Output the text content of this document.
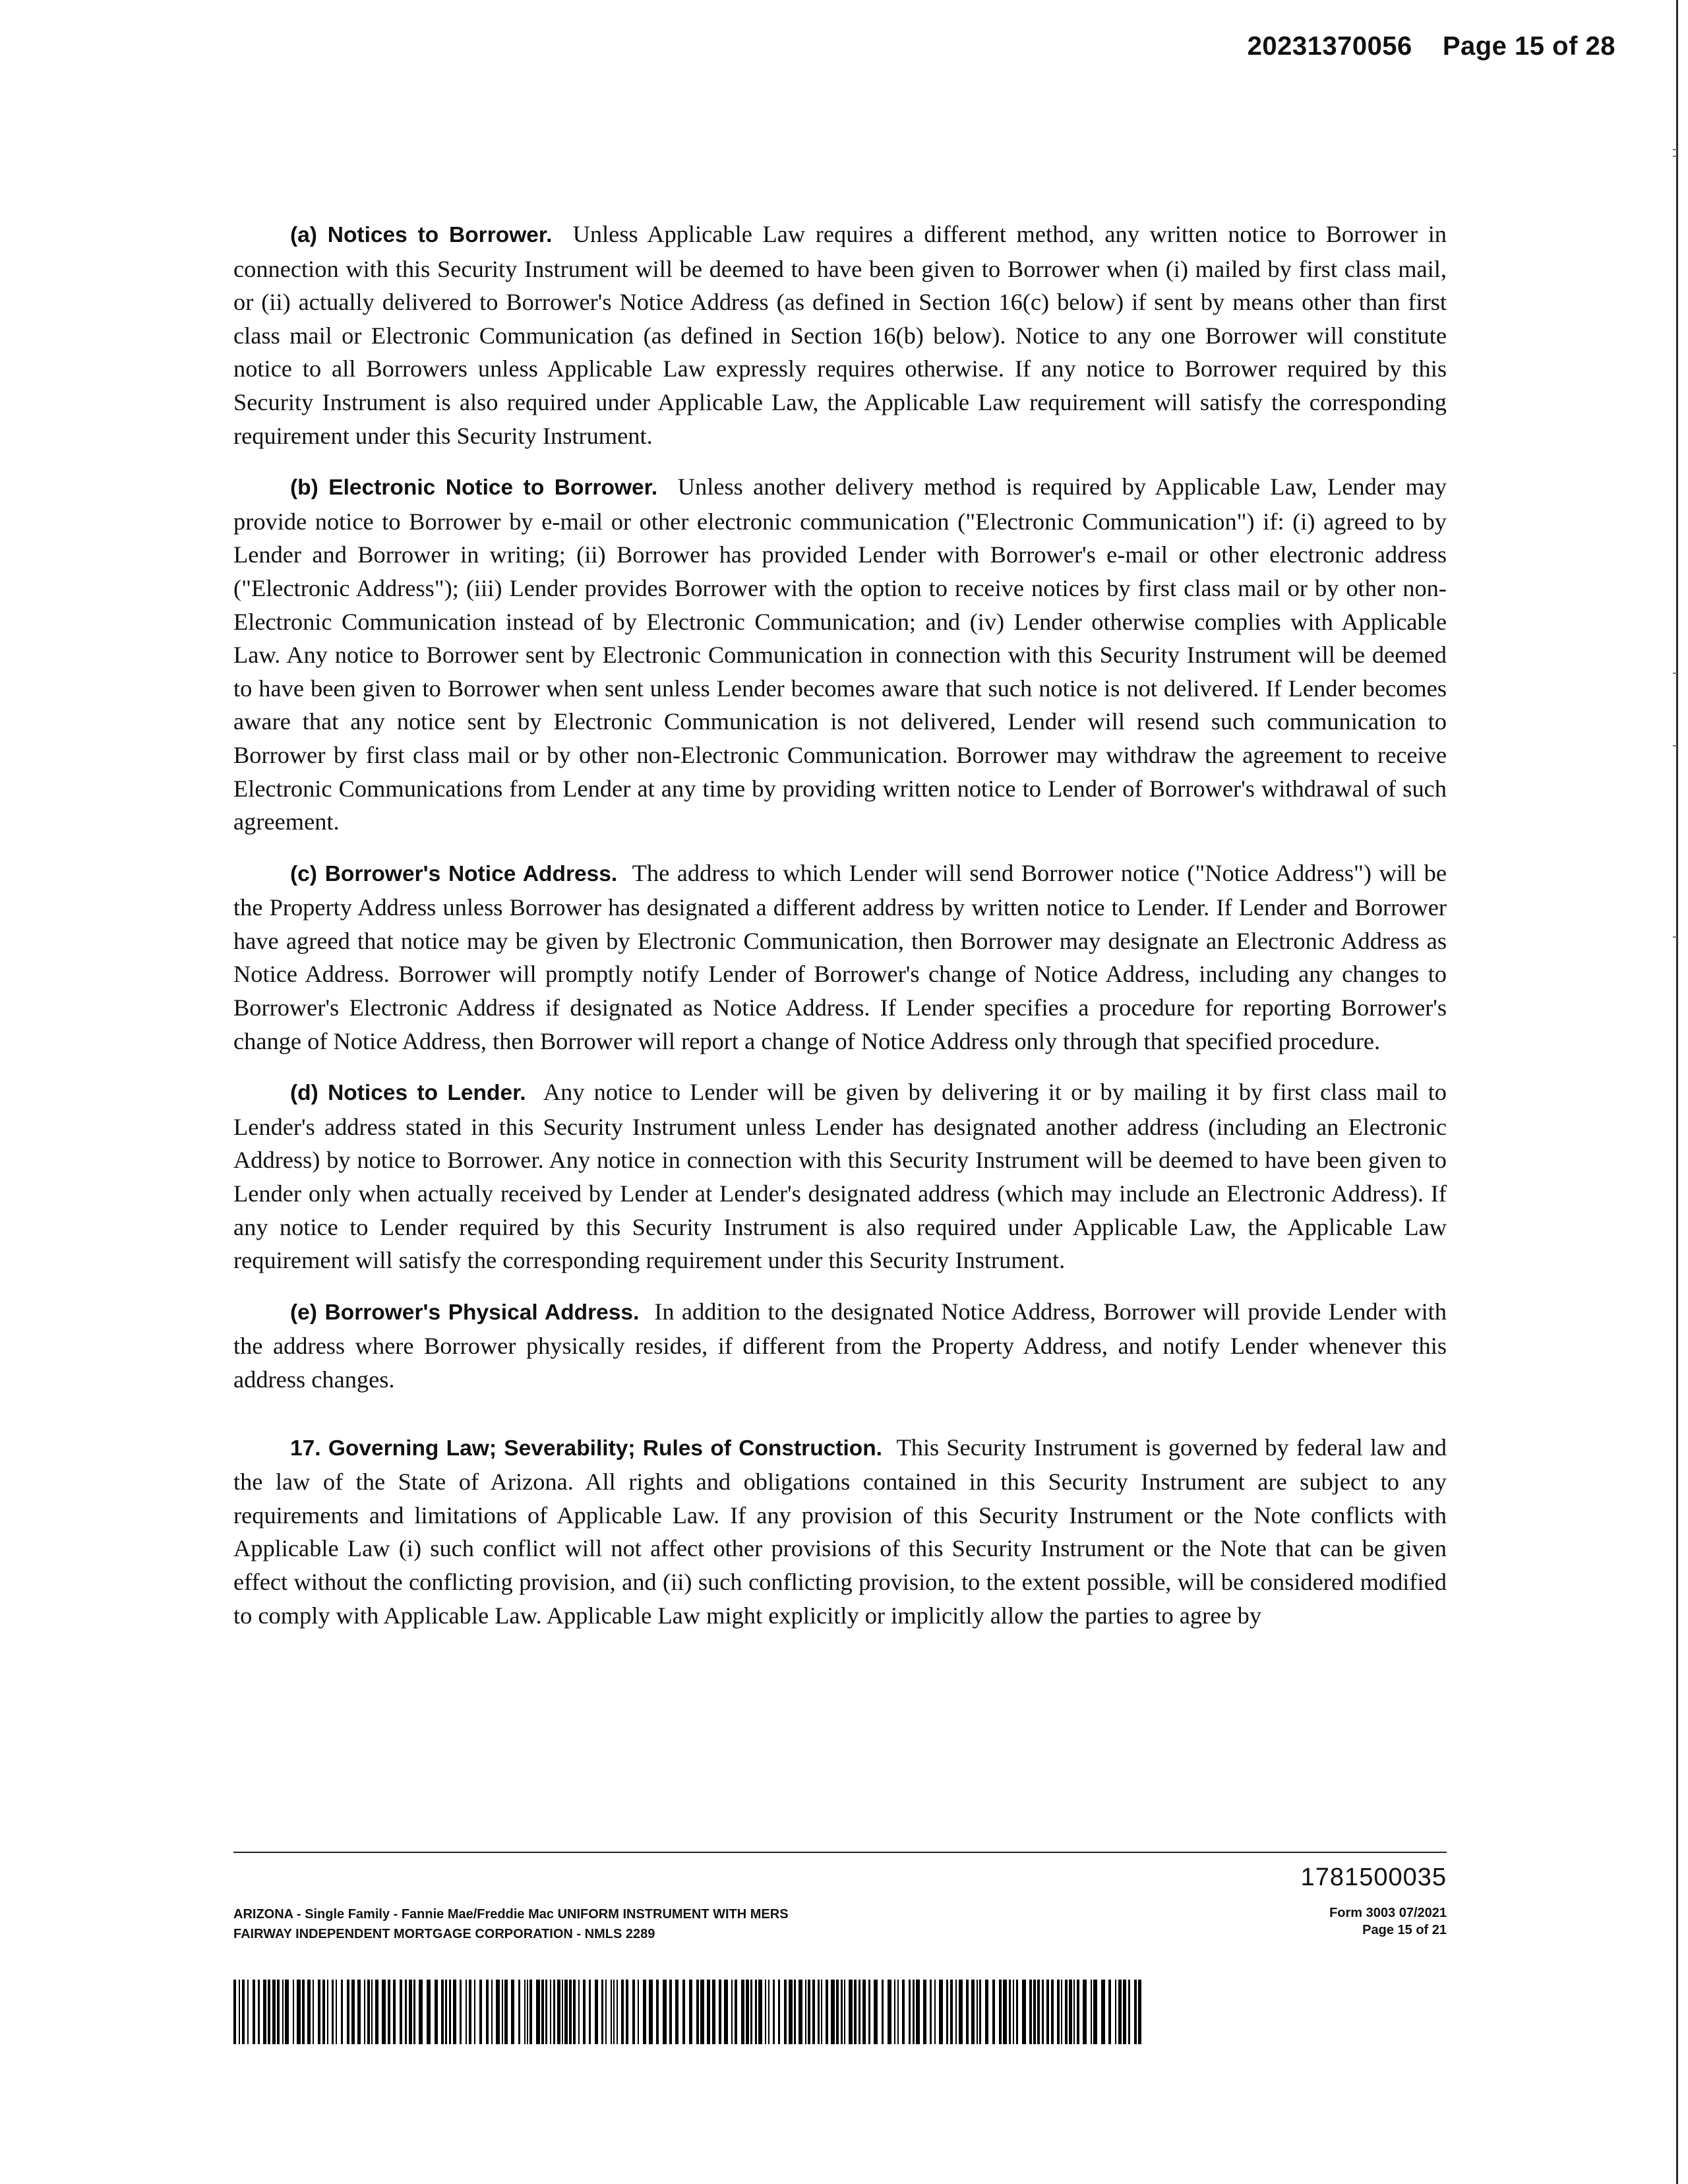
20231370056 Page 15 of 28

(a) Notices to Borrower. Unless Applicable Law requires a different method, any written notice to Borrower in connection with this Security Instrument will be deemed to have been given to Borrower when (i) mailed by first class mail, or (ii) actually delivered to Borrower's Notice Address (as defined in Section 16(c) below) if sent by means other than first class mail or Electronic Communication (as defined in Section 16(b) below). Notice to any one Borrower will constitute notice to all Borrowers unless Applicable Law expressly requires otherwise. If any notice to Borrower required by this Security Instrument is also required under Applicable Law, the Applicable Law requirement will satisfy the corresponding requirement under this Security Instrument.

(b) Electronic Notice to Borrower. Unless another delivery method is required by Applicable Law, Lender may provide notice to Borrower by e-mail or other electronic communication ("Electronic Communication") if: (i) agreed to by Lender and Borrower in writing; (ii) Borrower has provided Lender with Borrower's e-mail or other electronic address ("Electronic Address"); (iii) Lender provides Borrower with the option to receive notices by first class mail or by other non-Electronic Communication instead of by Electronic Communication; and (iv) Lender otherwise complies with Applicable Law. Any notice to Borrower sent by Electronic Communication in connection with this Security Instrument will be deemed to have been given to Borrower when sent unless Lender becomes aware that such notice is not delivered. If Lender becomes aware that any notice sent by Electronic Communication is not delivered, Lender will resend such communication to Borrower by first class mail or by other non-Electronic Communication. Borrower may withdraw the agreement to receive Electronic Communications from Lender at any time by providing written notice to Lender of Borrower's withdrawal of such agreement.

(c) Borrower's Notice Address. The address to which Lender will send Borrower notice ("Notice Address") will be the Property Address unless Borrower has designated a different address by written notice to Lender. If Lender and Borrower have agreed that notice may be given by Electronic Communication, then Borrower may designate an Electronic Address as Notice Address. Borrower will promptly notify Lender of Borrower's change of Notice Address, including any changes to Borrower's Electronic Address if designated as Notice Address. If Lender specifies a procedure for reporting Borrower's change of Notice Address, then Borrower will report a change of Notice Address only through that specified procedure.

(d) Notices to Lender. Any notice to Lender will be given by delivering it or by mailing it by first class mail to Lender's address stated in this Security Instrument unless Lender has designated another address (including an Electronic Address) by notice to Borrower. Any notice in connection with this Security Instrument will be deemed to have been given to Lender only when actually received by Lender at Lender's designated address (which may include an Electronic Address). If any notice to Lender required by this Security Instrument is also required under Applicable Law, the Applicable Law requirement will satisfy the corresponding requirement under this Security Instrument.

(e) Borrower's Physical Address. In addition to the designated Notice Address, Borrower will provide Lender with the address where Borrower physically resides, if different from the Property Address, and notify Lender whenever this address changes.

17. Governing Law; Severability; Rules of Construction. This Security Instrument is governed by federal law and the law of the State of Arizona. All rights and obligations contained in this Security Instrument are subject to any requirements and limitations of Applicable Law. If any provision of this Security Instrument or the Note conflicts with Applicable Law (i) such conflict will not affect other provisions of this Security Instrument or the Note that can be given effect without the conflicting provision, and (ii) such conflicting provision, to the extent possible, will be considered modified to comply with Applicable Law. Applicable Law might explicitly or implicitly allow the parties to agree by

1781500035
ARIZONA - Single Family - Fannie Mae/Freddie Mac UNIFORM INSTRUMENT WITH MERS
FAIRWAY INDEPENDENT MORTGAGE CORPORATION - NMLS 2289
Form 3003 07/2021
Page 15 of 21
